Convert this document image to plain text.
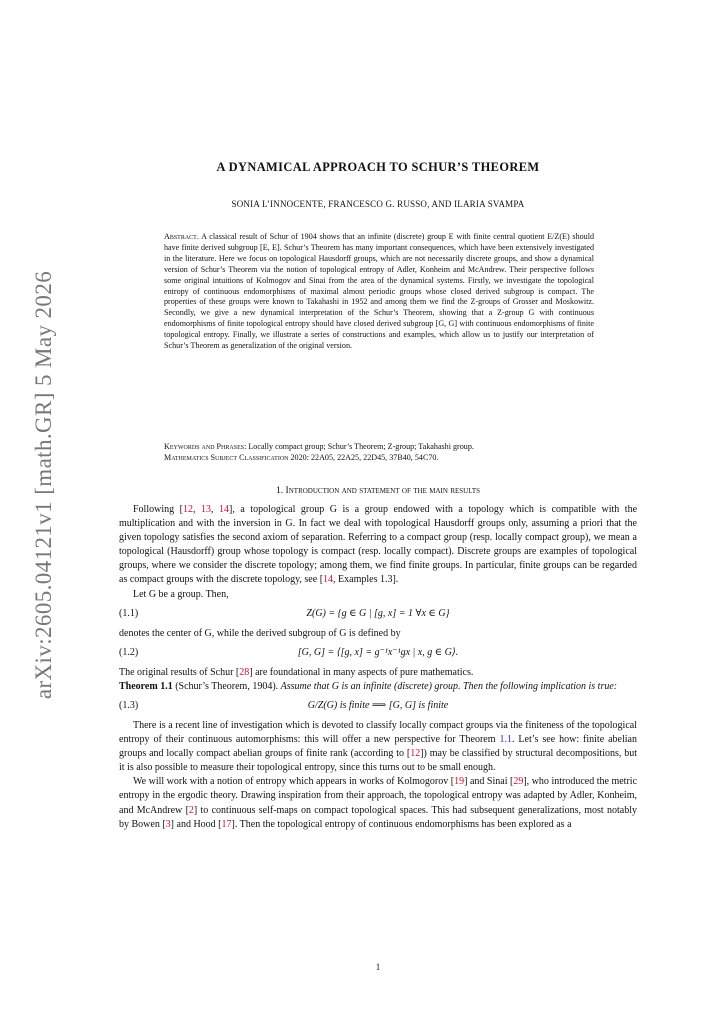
arXiv:2605.04121v1 [math.GR] 5 May 2026
A DYNAMICAL APPROACH TO SCHUR’S THEOREM
SONIA L’INNOCENTE, FRANCESCO G. RUSSO, AND ILARIA SVAMPA
Abstract. A classical result of Schur of 1904 shows that an infinite (discrete) group E with finite central quotient E/Z(E) should have finite derived subgroup [E, E]. Schur’s Theorem has many important consequences, which have been extensively investigated in the literature. Here we focus on topological Hausdorff groups, which are not necessarily discrete groups, and show a dynamical version of Schur’s Theorem via the notion of topological entropy of Adler, Konheim and McAndrew. Their perspective follows some original intuitions of Kolmogov and Sinai from the area of the dynamical systems. Firstly, we investigate the topological entropy of continuous endomorphisms of maximal almost periodic groups whose closed derived subgroup is compact. The properties of these groups were known to Takahashi in 1952 and among them we find the Z-groups of Grosser and Moskowitz. Secondly, we give a new dynamical interpretation of the Schur’s Theorem, showing that a Z-group G with continuous endomorphisms of finite topological entropy should have closed derived subgroup [G, G] with continuous endomorphisms of finite topological entropy. Finally, we illustrate a series of constructions and examples, which allow us to justify our interpretation of Schur’s Theorem as generalization of the original version.
Keywords and Phrases: Locally compact group; Schur’s Theorem; Z-group; Takahashi group.
Mathematics Subject Classification 2020: 22A05, 22A25, 22D45, 37B40, 54C70.
1. Introduction and statement of the main results

Following [12, 13, 14], a topological group G is a group endowed with a topology which is compatible with the multiplication and with the inversion in G. In fact we deal with topological Hausdorff groups only, assuming a priori that the given topology satisfies the second axiom of separation. Referring to a compact group (resp. locally compact group), we mean a topological (Hausdorff) group whose topology is compact (resp. locally compact). Discrete groups are examples of topological groups, where we consider the discrete topology; among them, we find finite groups. In particular, finite groups can be regarded as compact groups with the discrete topology, see [14, Examples 1.3].

Let G be a group. Then,

(1.1)	Z(G) = {g ∈ G | [g, x] = 1 ∀x ∈ G}

denotes the center of G, while the derived subgroup of G is defined by

(1.2)	[G, G] = ⟨[g, x] = g⁻¹x⁻¹gx | x, g ∈ G⟩.

The original results of Schur [28] are foundational in many aspects of pure mathematics.

Theorem 1.1 (Schur’s Theorem, 1904). Assume that G is an infinite (discrete) group. Then the following implication is true:

(1.3)	G/Z(G) is finite ⟹ [G, G] is finite

There is a recent line of investigation which is devoted to classify locally compact groups via the finiteness of the topological entropy of their continuous automorphisms: this will offer a new perspective for Theorem 1.1. Let’s see how: finite abelian groups and locally compact abelian groups of finite rank (according to [12]) may be classified by structural decompositions, but it is also possible to measure their topological entropy, since this turns out to be small enough.

We will work with a notion of entropy which appears in works of Kolmogorov [19] and Sinai [29], who introduced the metric entropy in the ergodic theory. Drawing inspiration from their approach, the topological entropy was adapted by Adler, Konheim, and McAndrew [2] to continuous self-maps on compact topological spaces. This had subsequent generalizations, most notably by Bowen [3] and Hood [17]. Then the topological entropy of continuous endomorphisms has been explored as a

1
